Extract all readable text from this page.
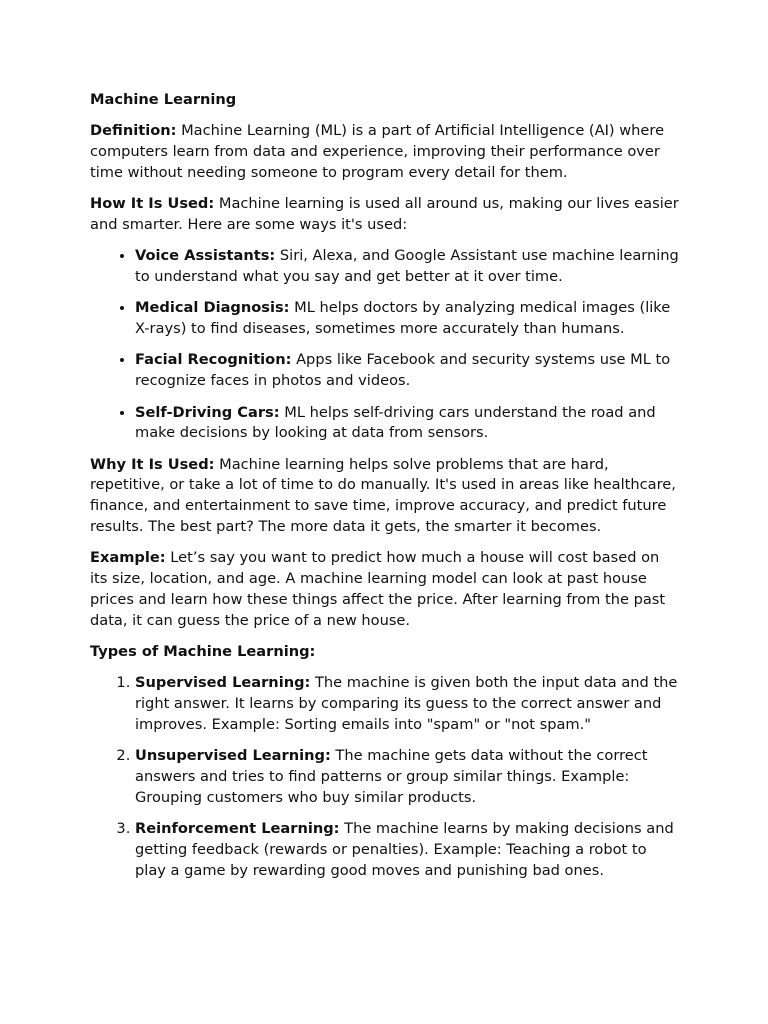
Machine Learning

Definition: Machine Learning (ML) is a part of Artificial Intelligence (AI) where computers learn from data and experience, improving their performance over time without needing someone to program every detail for them.

How It Is Used: Machine learning is used all around us, making our lives easier and smarter. Here are some ways it's used:

• Voice Assistants: Siri, Alexa, and Google Assistant use machine learning to understand what you say and get better at it over time.
• Medical Diagnosis: ML helps doctors by analyzing medical images (like X-rays) to find diseases, sometimes more accurately than humans.
• Facial Recognition: Apps like Facebook and security systems use ML to recognize faces in photos and videos.
• Self-Driving Cars: ML helps self-driving cars understand the road and make decisions by looking at data from sensors.

Why It Is Used: Machine learning helps solve problems that are hard, repetitive, or take a lot of time to do manually. It's used in areas like healthcare, finance, and entertainment to save time, improve accuracy, and predict future results. The best part? The more data it gets, the smarter it becomes.

Example: Let’s say you want to predict how much a house will cost based on its size, location, and age. A machine learning model can look at past house prices and learn how these things affect the price. After learning from the past data, it can guess the price of a new house.

Types of Machine Learning:

1. Supervised Learning: The machine is given both the input data and the right answer. It learns by comparing its guess to the correct answer and improves. Example: Sorting emails into "spam" or "not spam."
2. Unsupervised Learning: The machine gets data without the correct answers and tries to find patterns or group similar things. Example: Grouping customers who buy similar products.
3. Reinforcement Learning: The machine learns by making decisions and getting feedback (rewards or penalties). Example: Teaching a robot to play a game by rewarding good moves and punishing bad ones.
